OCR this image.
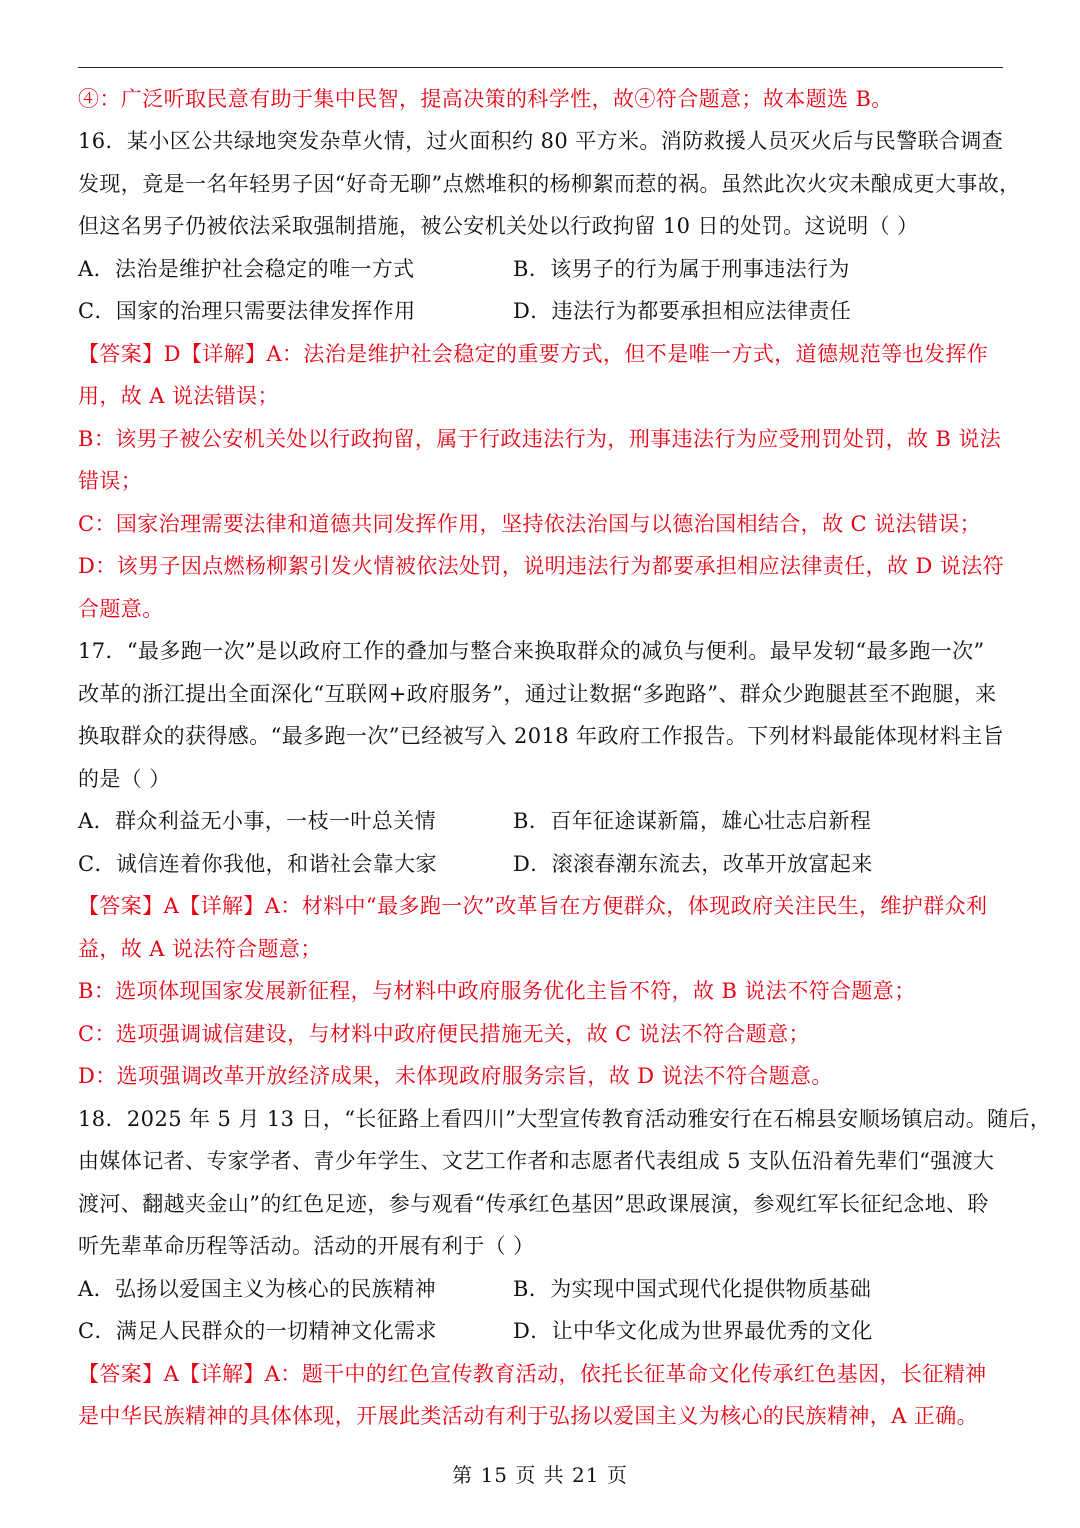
④：广泛听取民意有助于集中民智，提高决策的科学性，故④符合题意；故本题选 B。
16．某小区公共绿地突发杂草火情，过火面积约 80 平方米。消防救援人员灭火后与民警联合调查
发现，竟是一名年轻男子因“好奇无聊”点燃堆积的杨柳絮而惹的祸。虽然此次火灾未酿成更大事故，
但这名男子仍被依法采取强制措施，被公安机关处以行政拘留 10 日的处罚。这说明（ ）
A．法治是维护社会稳定的唯一方式	B．该男子的行为属于刑事违法行为
C．国家的治理只需要法律发挥作用	D．违法行为都要承担相应法律责任
【答案】D【详解】A：法治是维护社会稳定的重要方式，但不是唯一方式，道德规范等也发挥作
用，故 A 说法错误；
B：该男子被公安机关处以行政拘留，属于行政违法行为，刑事违法行为应受刑罚处罚，故 B 说法
错误；
C：国家治理需要法律和道德共同发挥作用，坚持依法治国与以德治国相结合，故 C 说法错误；
D：该男子因点燃杨柳絮引发火情被依法处罚，说明违法行为都要承担相应法律责任，故 D 说法符
合题意。
17．“最多跑一次”是以政府工作的叠加与整合来换取群众的减负与便利。最早发轫“最多跑一次”
改革的浙江提出全面深化“互联网+政府服务”，通过让数据“多跑路”、群众少跑腿甚至不跑腿，来
换取群众的获得感。“最多跑一次”已经被写入 2018 年政府工作报告。下列材料最能体现材料主旨
的是（ ）
A．群众利益无小事，一枝一叶总关情	B．百年征途谋新篇，雄心壮志启新程
C．诚信连着你我他，和谐社会靠大家	D．滚滚春潮东流去，改革开放富起来
【答案】A【详解】A：材料中“最多跑一次”改革旨在方便群众，体现政府关注民生，维护群众利
益，故 A 说法符合题意；
B：选项体现国家发展新征程，与材料中政府服务优化主旨不符，故 B 说法不符合题意；
C：选项强调诚信建设，与材料中政府便民措施无关，故 C 说法不符合题意；
D：选项强调改革开放经济成果，未体现政府服务宗旨，故 D 说法不符合题意。
18．2025 年 5 月 13 日，“长征路上看四川”大型宣传教育活动雅安行在石棉县安顺场镇启动。随后，
由媒体记者、专家学者、青少年学生、文艺工作者和志愿者代表组成 5 支队伍沿着先辈们“强渡大
渡河、翻越夹金山”的红色足迹，参与观看“传承红色基因”思政课展演，参观红军长征纪念地、聆
听先辈革命历程等活动。活动的开展有利于（ ）
A．弘扬以爱国主义为核心的民族精神	B．为实现中国式现代化提供物质基础
C．满足人民群众的一切精神文化需求	D．让中华文化成为世界最优秀的文化
【答案】A【详解】A：题干中的红色宣传教育活动，依托长征革命文化传承红色基因，长征精神
是中华民族精神的具体体现，开展此类活动有利于弘扬以爱国主义为核心的民族精神，A 正确。
第 15 页 共 21 页
